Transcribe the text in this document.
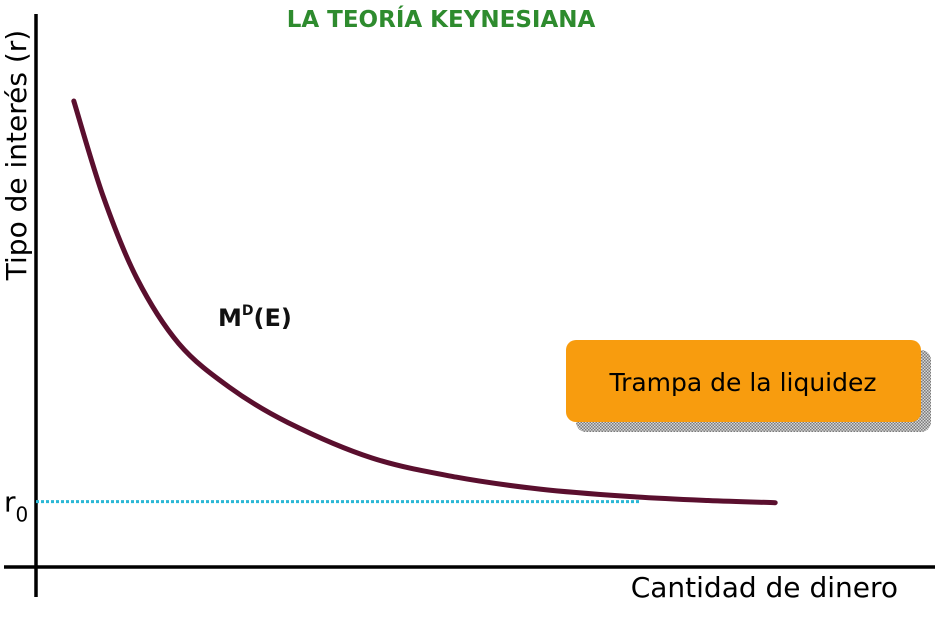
LA TEORÍA KEYNESIANA
Tipo de interés (r)
Cantidad de dinero
$r_0$
$M^D(E)$
Trampa de la liquidez
